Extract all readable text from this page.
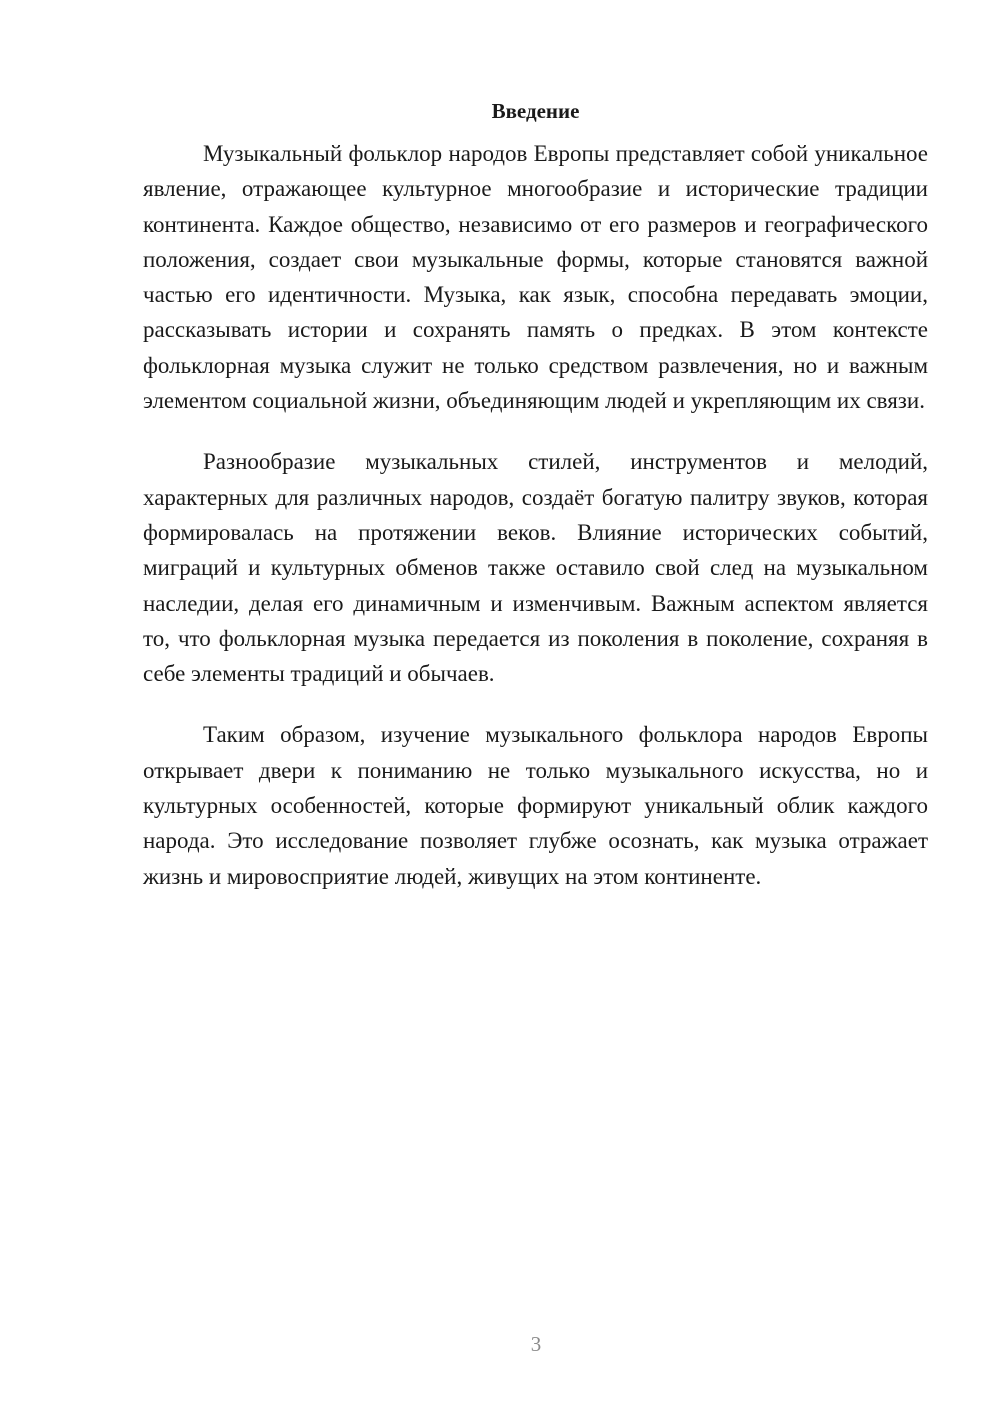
Введение

Музыкальный фольклор народов Европы представляет собой уникальное явление, отражающее культурное многообразие и исторические традиции континента. Каждое общество, независимо от его размеров и географического положения, создает свои музыкальные формы, которые становятся важной частью его идентичности. Музыка, как язык, способна передавать эмоции, рассказывать истории и сохранять память о предках. В этом контексте фольклорная музыка служит не только средством развлечения, но и важным элементом социальной жизни, объединяющим людей и укрепляющим их связи.

Разнообразие музыкальных стилей, инструментов и мелодий, характерных для различных народов, создаёт богатую палитру звуков, которая формировалась на протяжении веков. Влияние исторических событий, миграций и культурных обменов также оставило свой след на музыкальном наследии, делая его динамичным и изменчивым. Важным аспектом является то, что фольклорная музыка передается из поколения в поколение, сохраняя в себе элементы традиций и обычаев.

Таким образом, изучение музыкального фольклора народов Европы открывает двери к пониманию не только музыкального искусства, но и культурных особенностей, которые формируют уникальный облик каждого народа. Это исследование позволяет глубже осознать, как музыка отражает жизнь и мировосприятие людей, живущих на этом континенте.

3
